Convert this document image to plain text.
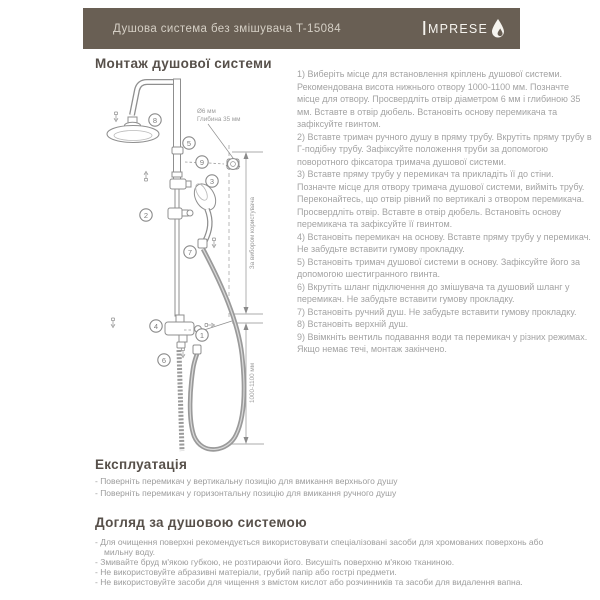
Душова система без змішувача T-15084	I MPRESE
Монтаж душової системи
За вибором користувача
1000-1100 мм
Ø6 мм
Глибина 35 мм
8
5
9
3
2
7
4
1
6

1) Виберіть місце для встановлення кріплень душової системи. Рекомендована висота нижнього отвору 1000-1100 мм. Позначте місце для отвору. Просвердліть отвір діаметром 6 мм і глибиною 35 мм. Вставте в отвір дюбель. Встановіть основу перемикача та зафіксуйте гвинтом.

2) Вставте тримач ручного душу в пряму трубу. Вкрутіть пряму трубу в Г-подібну трубу. Зафіксуйте положення труби за допомогою поворотного фіксатора тримача душової системи.

3) Вставте пряму трубу у перемикач та прикладіть її до стіни. Позначте місце для отвору тримача душової системи, вийміть трубу. Переконайтесь, що отвір рівний по вертикалі з отвором перемикача. Просвердліть отвір. Вставте в отвір дюбель. Встановіть основу перемикача та зафіксуйте її гвинтом.

4) Встановіть перемикач на основу. Вставте пряму трубу у перемикач. Не забудьте вставити гумову прокладку.

5) Встановіть тримач душової системи в основу. Зафіксуйте його за допомогою шестигранного гвинта.

6) Вкрутіть шланг підключення до змішувача та душовий шланг у перемикач. Не забудьте вставити гумову прокладку.

7) Встановіть ручний душ. Не забудьте вставити гумову прокладку.

8) Встановіть верхній душ.

9) Ввімкніть вентиль подавання води та перемикач у різних режимах. Якщо немає течі, монтаж закінчено.

Експлуатація
- Поверніть перемикач у вертикальну позицію для вмикання верхнього душу
- Поверніть перемикач у горизонтальну позицію для вмикання ручного душу
Догляд за душовою системою
- Для очищення поверхні рекомендується використовувати спеціалізовані засоби для хромованих поверхонь або мильну воду.
- Змивайте бруд м'якою губкою, не розтираючи його. Висушіть поверхню м'якою тканиною.
- Не використовуйте абразивні матеріали, грубий папір або гострі предмети.
- Не використовуйте засоби для чищення з вмістом кислот або розчинників та засоби для видалення вапна.
